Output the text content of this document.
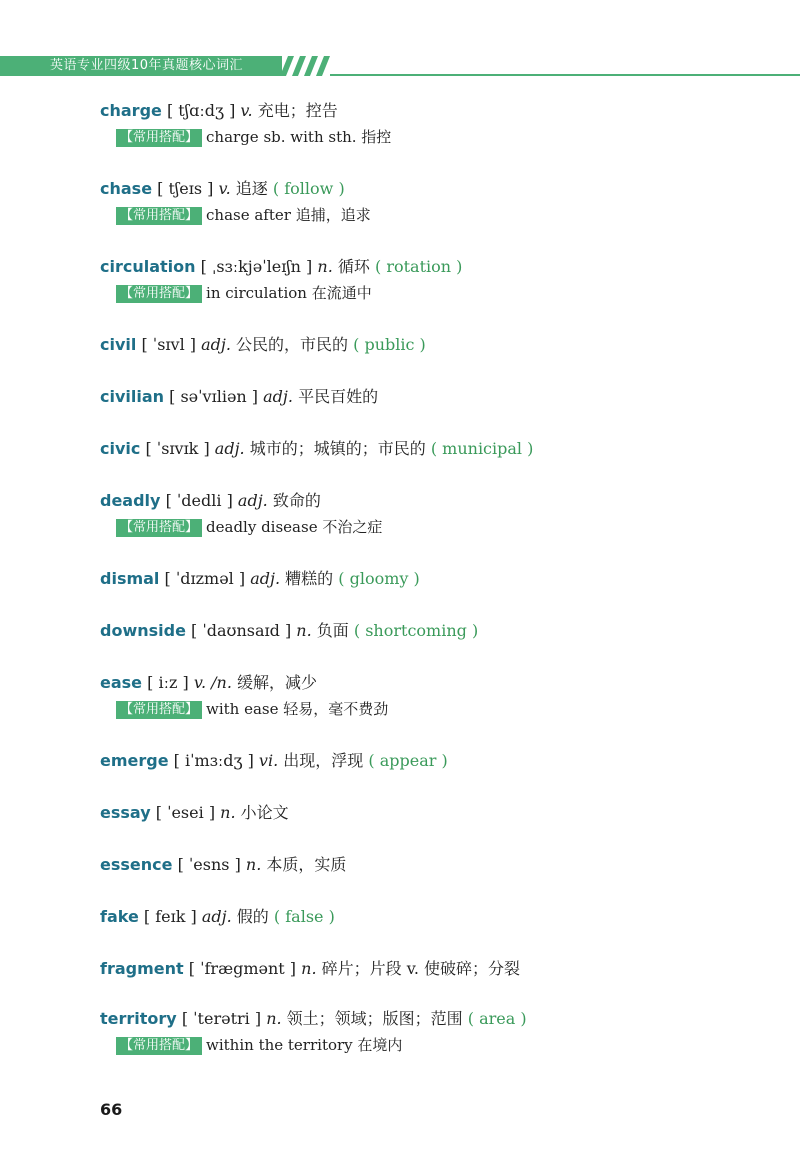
英语专业四级10年真题核心词汇
charge [ tʃɑːdʒ ] v. 充电；控告
【常用搭配】 charge sb. with sth. 指控
chase [ tʃeɪs ] v. 追逐 ( follow )
【常用搭配】 chase after 追捕，追求
circulation [ ˌsɜːkjəˈleɪʃn ] n. 循环 ( rotation )
【常用搭配】 in circulation 在流通中
civil [ ˈsɪvl ] adj. 公民的，市民的 ( public )
civilian [ səˈvɪliən ] adj. 平民百姓的
civic [ ˈsɪvɪk ] adj. 城市的；城镇的；市民的 ( municipal )
deadly [ ˈdedli ] adj. 致命的
【常用搭配】 deadly disease 不治之症
dismal [ ˈdɪzməl ] adj. 糟糕的 ( gloomy )
downside [ ˈdaʊnsaɪd ] n. 负面 ( shortcoming )
ease [ iːz ] v. /n. 缓解，减少
【常用搭配】 with ease 轻易，毫不费劲
emerge [ iˈmɜːdʒ ] vi. 出现，浮现 ( appear )
essay [ ˈesei ] n. 小论文
essence [ ˈesns ] n. 本质，实质
fake [ feɪk ] adj. 假的 ( false )
fragment [ ˈfrægmənt ] n. 碎片；片段 v. 使破碎；分裂
territory [ ˈterətri ] n. 领土；领域；版图；范围 ( area )
【常用搭配】 within the territory 在境内
66
